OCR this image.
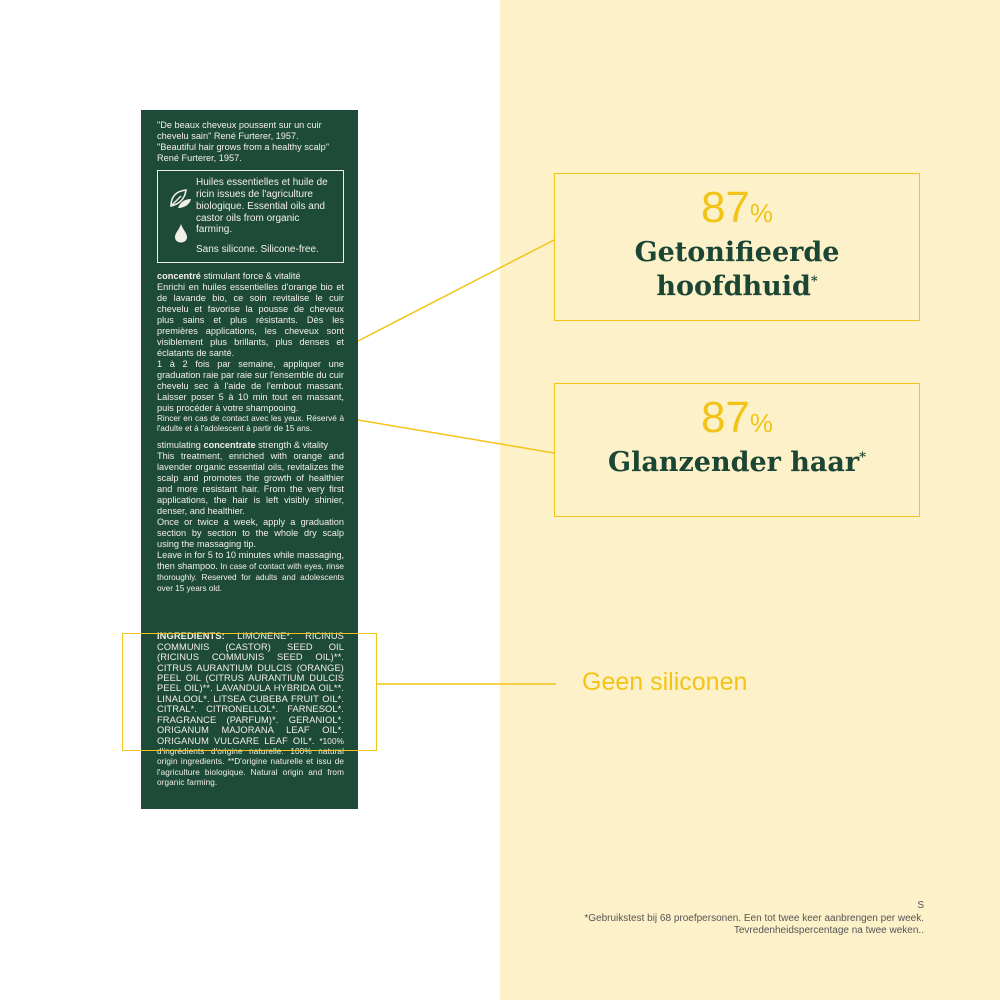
"De beaux cheveux poussent sur un cuir chevelu sain" René Furterer, 1957.

"Beautiful hair grows from a healthy scalp" René Furterer, 1957.

Huiles essentielles et huile de ricin issues de l'agriculture biologique. Essential oils and castor oils from organic farming.

Sans silicone. Silicone-free.

concentré stimulant force & vitalité

Enrichi en huiles essentielles d'orange bio et de lavande bio, ce soin revitalise le cuir chevelu et favorise la pousse de cheveux plus sains et plus résistants. Dès les premières applications, les cheveux sont visiblement plus brillants, plus denses et éclatants de santé.

1 à 2 fois par semaine, appliquer une graduation raie par raie sur l'ensemble du cuir chevelu sec à l'aide de l'embout massant. Laisser poser 5 à 10 min tout en massant, puis procéder à votre shampooing.

Rincer en cas de contact avec les yeux. Réservé à l'adulte et à l'adolescent à partir de 15 ans.

stimulating concentrate strength & vitality

This treatment, enriched with orange and lavender organic essential oils, revitalizes the scalp and promotes the growth of healthier and more resistant hair. From the very first applications, the hair is left visibly shinier, denser, and healthier.

Once or twice a week, apply a graduation section by section to the whole dry scalp using the massaging tip.

Leave in for 5 to 10 minutes while massaging, then shampoo. In case of contact with eyes, rinse thoroughly. Reserved for adults and adolescents over 15 years old.

INGREDIENTS: LIMONENE*. RICINUS COMMUNIS (CASTOR) SEED OIL (RICINUS COMMUNIS SEED OIL)**. CITRUS AURANTIUM DULCIS (ORANGE) PEEL OIL (CITRUS AURANTIUM DULCIS PEEL OIL)**. LAVANDULA HYBRIDA OIL**. LINALOOL*. LITSEA CUBEBA FRUIT OIL*. CITRAL*. CITRONELLOL*. FARNESOL*. FRAGRANCE (PARFUM)*. GERANIOL*. ORIGANUM MAJORANA LEAF OIL*. ORIGANUM VULGARE LEAF OIL*. *100% d'ingrédients d'origine naturelle. 100% natural origin ingredients. **D'origine naturelle et issu de l'agriculture biologique. Natural origin and from organic farming.
87%
Getonifieerde
hoofdhuid*
87%
Glanzender haar*
Geen siliconen
S
*Gebruikstest bij 68 proefpersonen. Een tot twee keer aanbrengen per week.
Tevredenheidspercentage na twee weken..
